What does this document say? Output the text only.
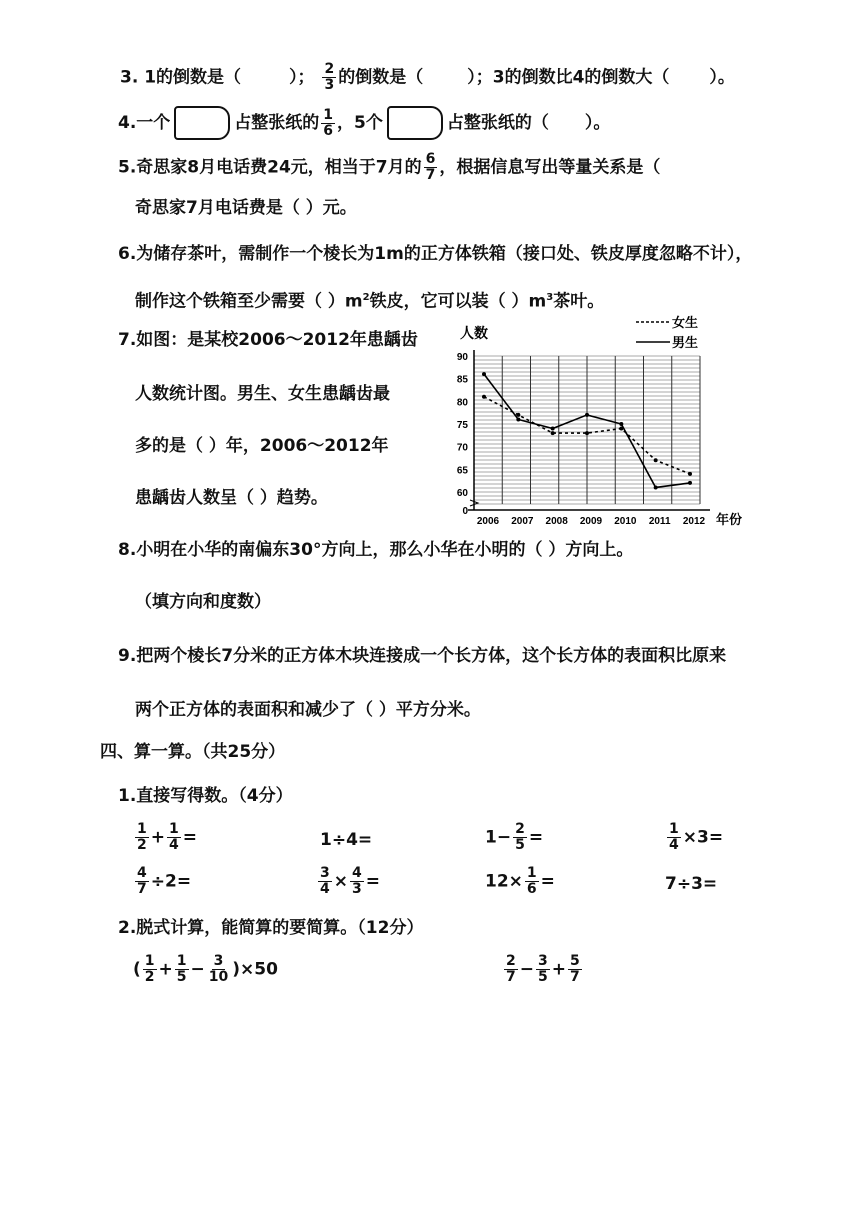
3. 1的倒数是（	）； $\frac{2}{3}$ 的倒数是（	）；3的倒数比4的倒数大（ ）。
4.一个	占整张纸的 $\frac{1}{6}$ ，5个	占整张纸的（ ）。
5.奇思家8月电话费24元，相当于7月的 $\frac{6}{7}$ ，根据信息写出等量关系是（
奇思家7月电话费是（ ）元。
6.为储存茶叶，需制作一个棱长为1m的正方体铁箱（接口处、铁皮厚度忽略不计），
制作这个铁箱至少需要（ ）$m^2$铁皮，它可以装（ ）$m^3$茶叶。
7.如图：是某校2006～2012年患龋齿
人数统计图。男生、女生患龋齿最
多的是（ ）年，2006～2012年
患龋齿人数呈（ ）趋势。
0
60
65
70
75
80
85
90
2006 2007 2008 2009 2010 2011 2012
人数
年份
女生
男生
8.小明在小华的南偏东30°方向上，那么小华在小明的（ ）方向上。
（填方向和度数）
9.把两个棱长7分米的正方体木块连接成一个长方体，这个长方体的表面积比原来
两个正方体的表面积和减少了（ ）平方分米。
四、算一算。（共25分）
1.直接写得数。（4分）
$\frac{1}{2} + \frac{1}{4}$ =	1÷4=	$1- \frac{2}{5}$ =	$\frac{1}{4} \times 3=$
$\frac{4}{7} \div 2=$	$\frac{3}{4} \times \frac{4}{3}$ =	$12\times \frac{1}{6}$ =	7÷3=
2.脱式计算，能简算的要简算。（12分）
( $\frac{1}{2} + \frac{1}{5} - \frac{3}{10} )\times 50$	$\frac{2}{7} - \frac{3}{5} + \frac{5}{7}$
